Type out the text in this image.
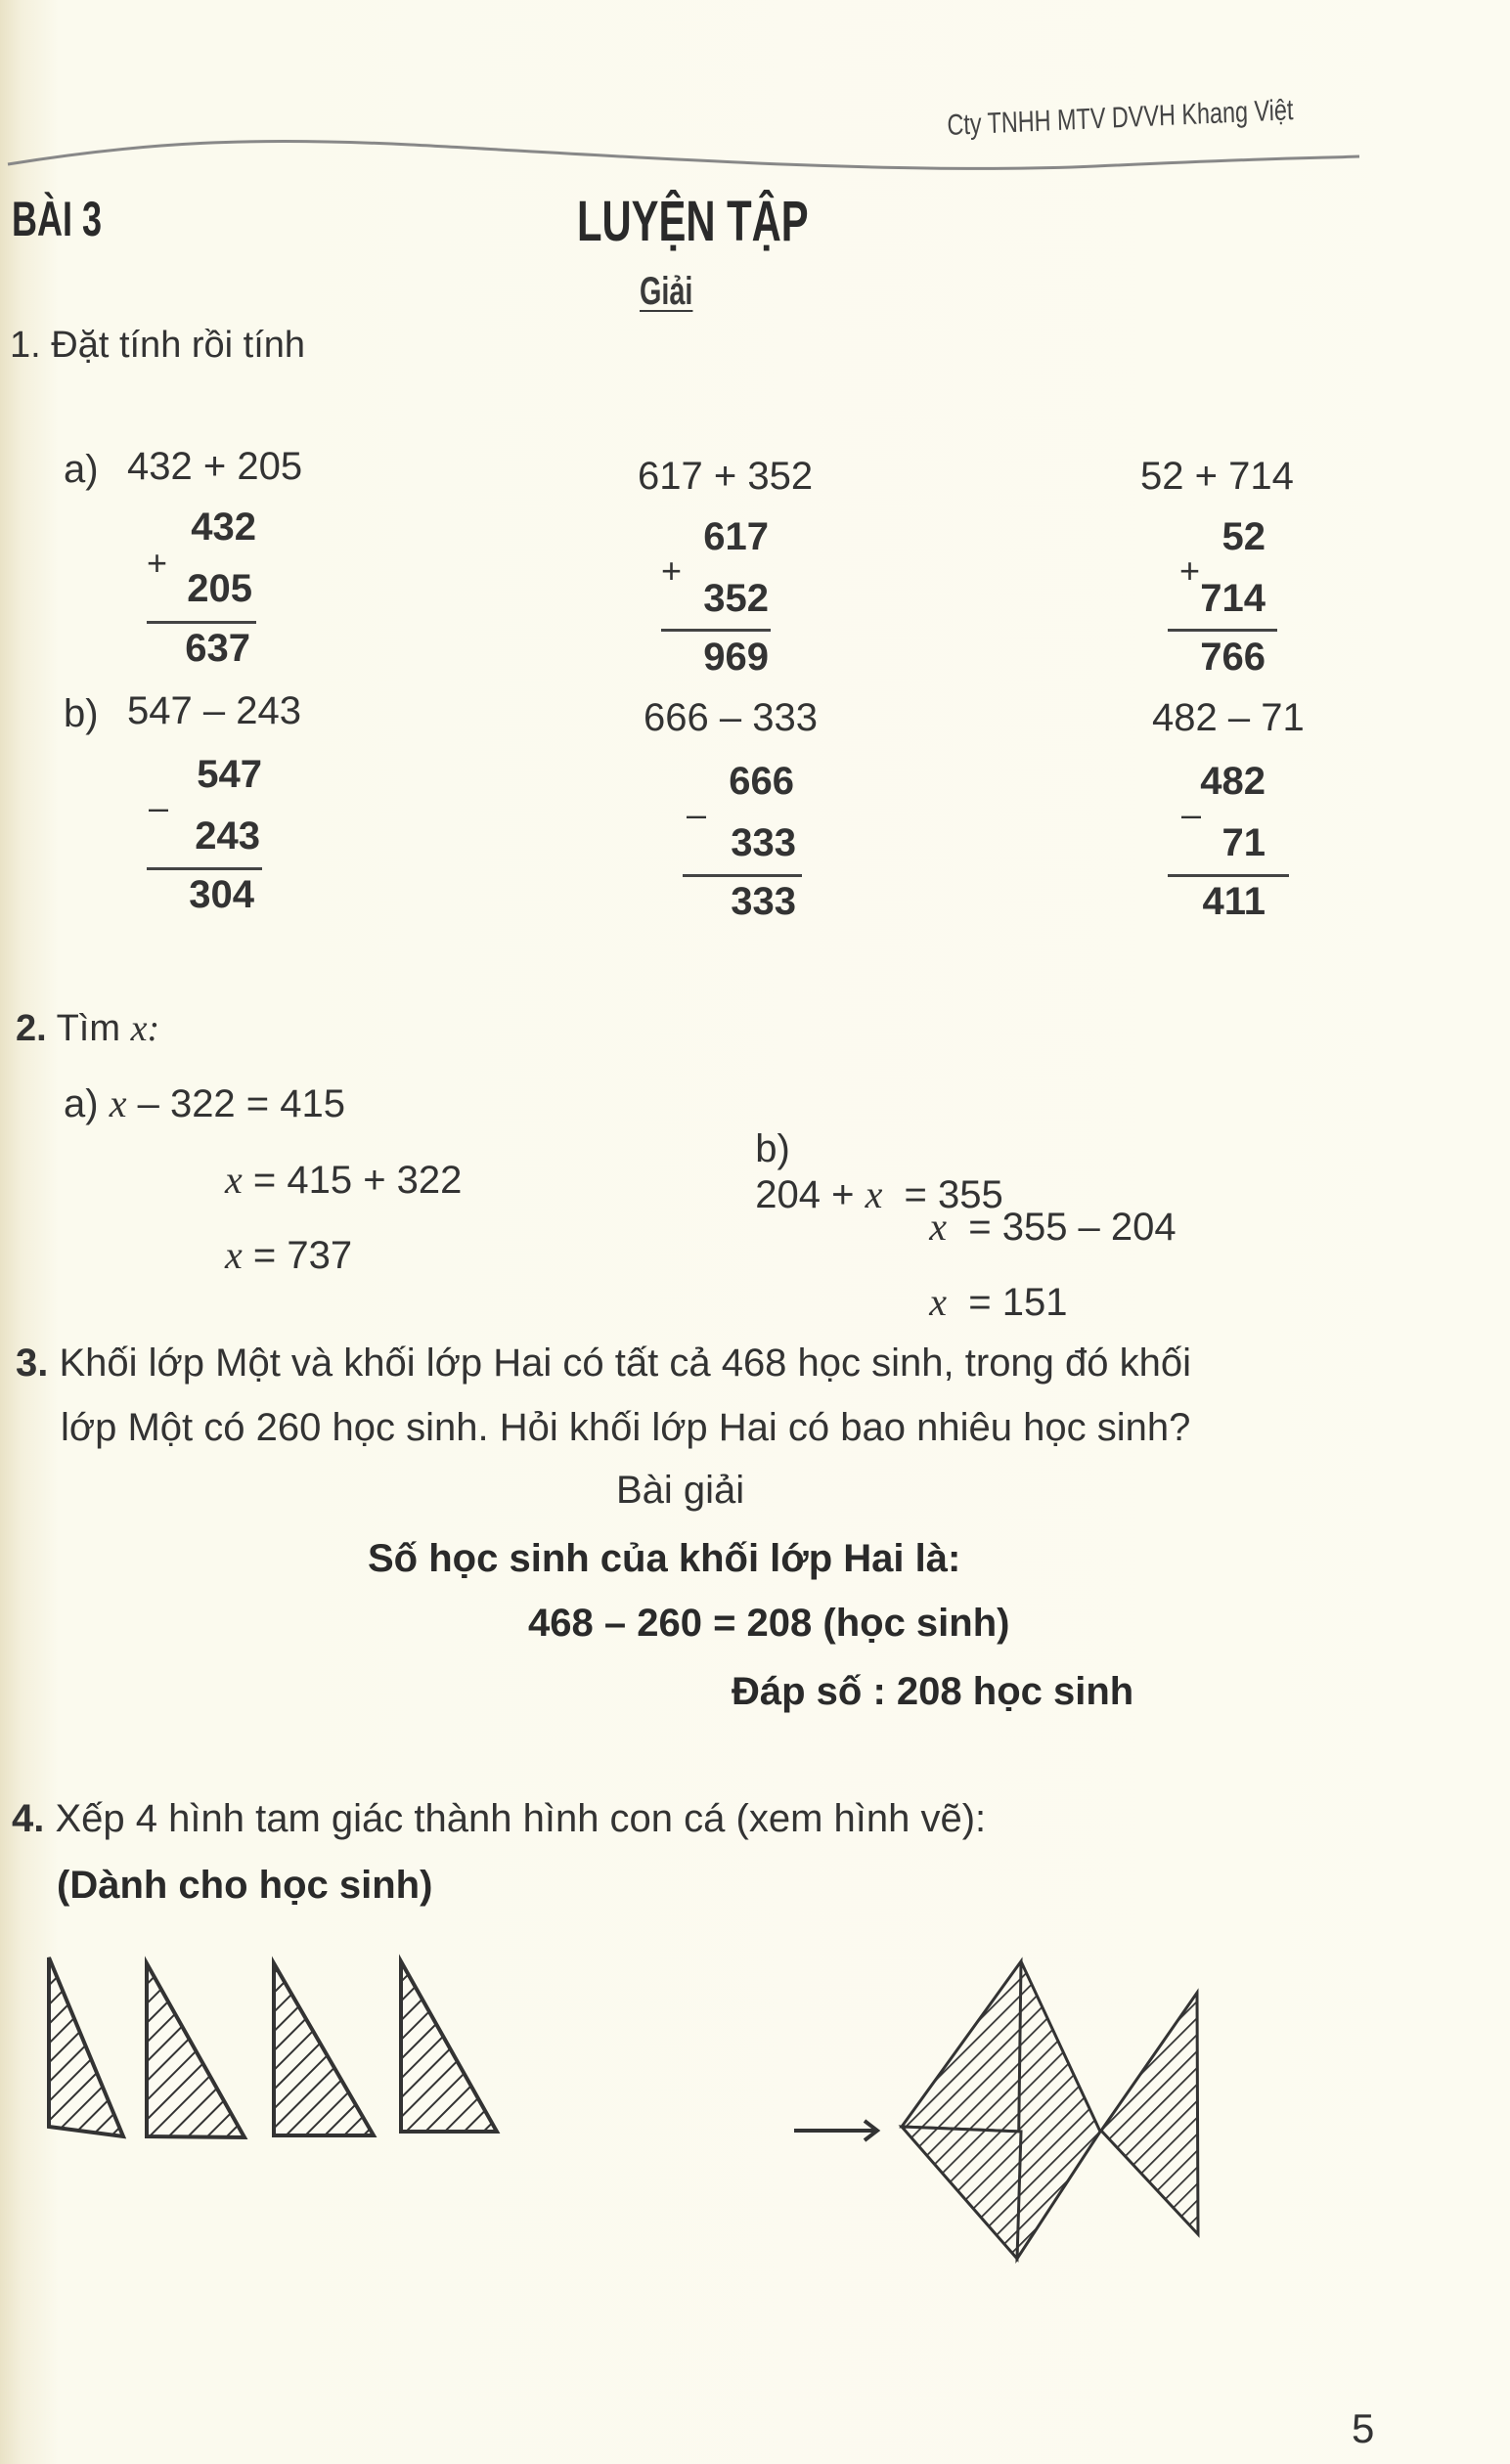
Cty TNHH MTV DVVH Khang Việt
BÀI 3	LUYỆN TẬP
Giải
1. Đặt tính rồi tính
a)
b)
432 + 205
432
+
205
637
617 + 352
617
+
352
969
52 + 714
52
+
714
766
547 – 243
547
–
243
304
666 – 333
666
–
333
333
482 – 71
482
–
71
411
2. Tìm x:
a) x – 322 = 415
x = 415 + 322
x = 737

b)
204 + x  = 355

x  = 355 – 204

x  = 151

3. Khối lớp Một và khối lớp Hai có tất cả 468 học sinh, trong đó khối
lớp Một có 260 học sinh. Hỏi khối lớp Hai có bao nhiêu học sinh?
Bài giải
Số học sinh của khối lớp Hai là:
468 – 260 = 208 (học sinh)
Đáp số : 208 học sinh
4. Xếp 4 hình tam giác thành hình con cá (xem hình vẽ):
(Dành cho học sinh)
5
